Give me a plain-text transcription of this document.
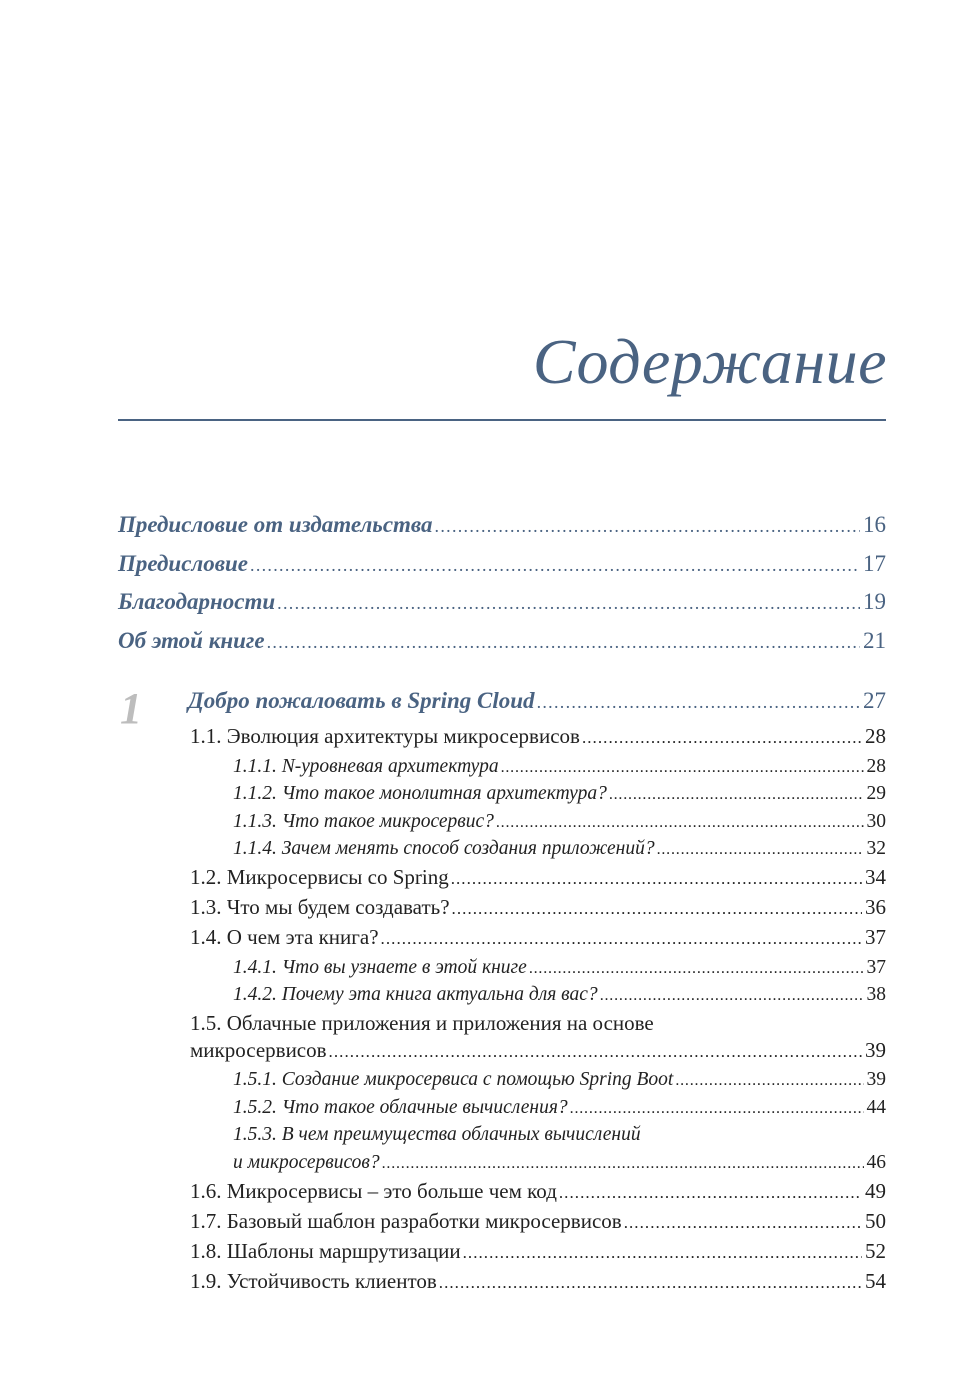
Содержание
Предисловие от издательства . . .	16
Предисловие . . .	17
Благодарности . . .	19
Об этой книге . . .	21
1 Добро пожаловать в Spring Cloud . . .	27
1.1. Эволюция архитектуры микросервисов . . .	28
1.1.1. N-уровневая архитектура . . .	28
1.1.2. Что такое монолитная архитектура? . . .	29
1.1.3. Что такое микросервис? . . .	30
1.1.4. Зачем менять способ создания приложений? . . .	32
1.2. Микросервисы со Spring . . .	34
1.3. Что мы будем создавать? . . .	36
1.4. О чем эта книга? . . .	37
1.4.1. Что вы узнаете в этой книге . . .	37
1.4.2. Почему эта книга актуальна для вас? . . .	38
1.5. Облачные приложения и приложения на основе
микросервисов . . .	39
1.5.1. Создание микросервиса с помощью Spring Boot . . .	39
1.5.2. Что такое облачные вычисления? . . .	44
1.5.3. В чем преимущества облачных вычислений
и микросервисов? . . .	46
1.6. Микросервисы – это больше чем код . . .	49
1.7. Базовый шаблон разработки микросервисов . . .	50
1.8. Шаблоны маршрутизации . . .	52
1.9. Устойчивость клиентов . . .	54
